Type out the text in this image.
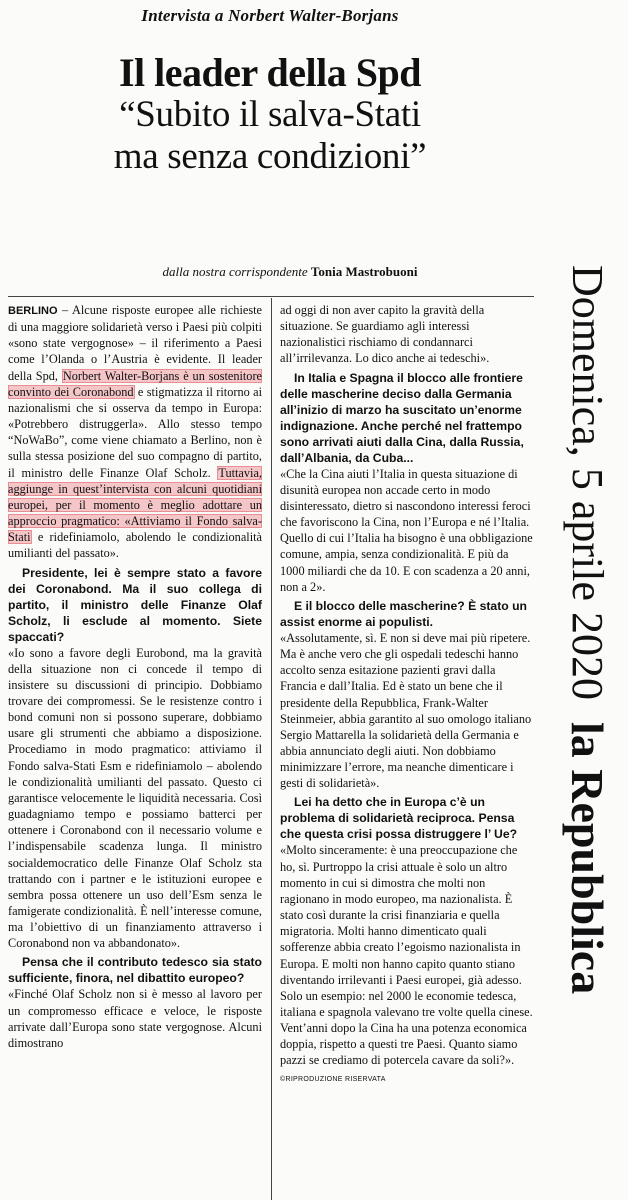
Intervista a Norbert Walter-Borjans
Il leader della Spd
“Subito il salva-Stati
ma senza condizioni”
dalla nostra corrispondente Tonia Mastrobuoni

BERLINO – Alcune risposte europee alle richieste di una maggiore solidarietà verso i Paesi più colpiti «sono state vergognose» – il riferimento a Paesi come l’Olanda o l’Austria è evidente. Il leader della Spd, Norbert Walter-Borjans è un sostenitore convinto dei Coronabond e stigmatizza il ritorno ai nazionalismi che si osserva da tempo in Europa: «Potrebbero distruggerla». Allo stesso tempo “NoWaBo”, come viene chiamato a Berlino, non è sulla stessa posizione del suo compagno di partito, il ministro delle Finanze Olaf Scholz. Tuttavia, aggiunge in quest’intervista con alcuni quotidiani europei, per il momento è meglio adottare un approccio pragmatico: «Attiviamo il Fondo salva-Stati e ridefiniamolo, abolendo le condizionalità umilianti del passato».

Presidente, lei è sempre stato a favore dei Coronabond. Ma il suo collega di partito, il ministro delle Finanze Olaf Scholz, li esclude al momento. Siete spaccati?

«Io sono a favore degli Eurobond, ma la gravità della situazione non ci concede il tempo di insistere su discussioni di principio. Dobbiamo trovare dei compromessi. Se le resistenze contro i bond comuni non si possono superare, dobbiamo usare gli strumenti che abbiamo a disposizione. Procediamo in modo pragmatico: attiviamo il Fondo salva-Stati Esm e ridefiniamolo – abolendo le condizionalità umilianti del passato. Questo ci garantisce velocemente le liquidità necessaria. Così guadagniamo tempo e possiamo batterci per ottenere i Coronabond con il necessario volume e l’indispensabile scadenza lunga. Il ministro socialdemocratico delle Finanze Olaf Scholz sta trattando con i partner e le istituzioni europee e sembra possa ottenere un uso dell’Esm senza le famigerate condizionalità. È nell’interesse comune, ma l’obiettivo di un finanziamento attraverso i Coronabond non va abbandonato».

Pensa che il contributo tedesco sia stato sufficiente, finora, nel dibattito europeo?

«Finché Olaf Scholz non si è messo al lavoro per un compromesso efficace e veloce, le risposte arrivate dall’Europa sono state vergognose. Alcuni dimostrano

ad oggi di non aver capito la gravità della situazione. Se guardiamo agli interessi nazionalistici rischiamo di condannarci all’irrilevanza. Lo dico anche ai tedeschi».

In Italia e Spagna il blocco alle frontiere delle mascherine deciso dalla Germania all’inizio di marzo ha suscitato un’enorme indignazione. Anche perché nel frattempo sono arrivati aiuti dalla Cina, dalla Russia, dall’Albania, da Cuba...

«Che la Cina aiuti l’Italia in questa situazione di disunità europea non accade certo in modo disinteressato, dietro si nascondono interessi feroci che favoriscono la Cina, non l’Europa e né l’Italia. Quello di cui l’Italia ha bisogno è una obbligazione comune, ampia, senza condizionalità. E più da 1000 miliardi che da 10. E con scadenza a 20 anni, non a 2».

E il blocco delle mascherine? È stato un assist enorme ai populisti.

«Assolutamente, sì. E non si deve mai più ripetere. Ma è anche vero che gli ospedali tedeschi hanno accolto senza esitazione pazienti gravi dalla Francia e dall’Italia. Ed è stato un bene che il presidente della Repubblica, Frank-Walter Steinmeier, abbia garantito al suo omologo italiano Sergio Mattarella la solidarietà della Germania e abbia annunciato degli aiuti. Non dobbiamo minimizzare l’errore, ma neanche dimenticare i gesti di solidarietà».

Lei ha detto che in Europa c’è un problema di solidarietà reciproca. Pensa che questa crisi possa distruggere l’ Ue?

«Molto sinceramente: è una preoccupazione che ho, sì. Purtroppo la crisi attuale è solo un altro momento in cui si dimostra che molti non ragionano in modo europeo, ma nazionalista. È stato così durante la crisi finanziaria e quella migratoria. Molti hanno dimenticato quali sofferenze abbia creato l’egoismo nazionalista in Europa. E molti non hanno capito quanto stiano diventando irrilevanti i Paesi europei, già adesso. Solo un esempio: nel 2000 le economie tedesca, italiana e spagnola valevano tre volte quella cinese. Vent’anni dopo la Cina ha una potenza economica doppia, rispetto a questi tre Paesi. Quanto siamo pazzi se crediamo di potercela cavare da soli?». ©RIPRODUZIONE RISERVATA

Domenica, 5 aprile 2020
la Repubblica
